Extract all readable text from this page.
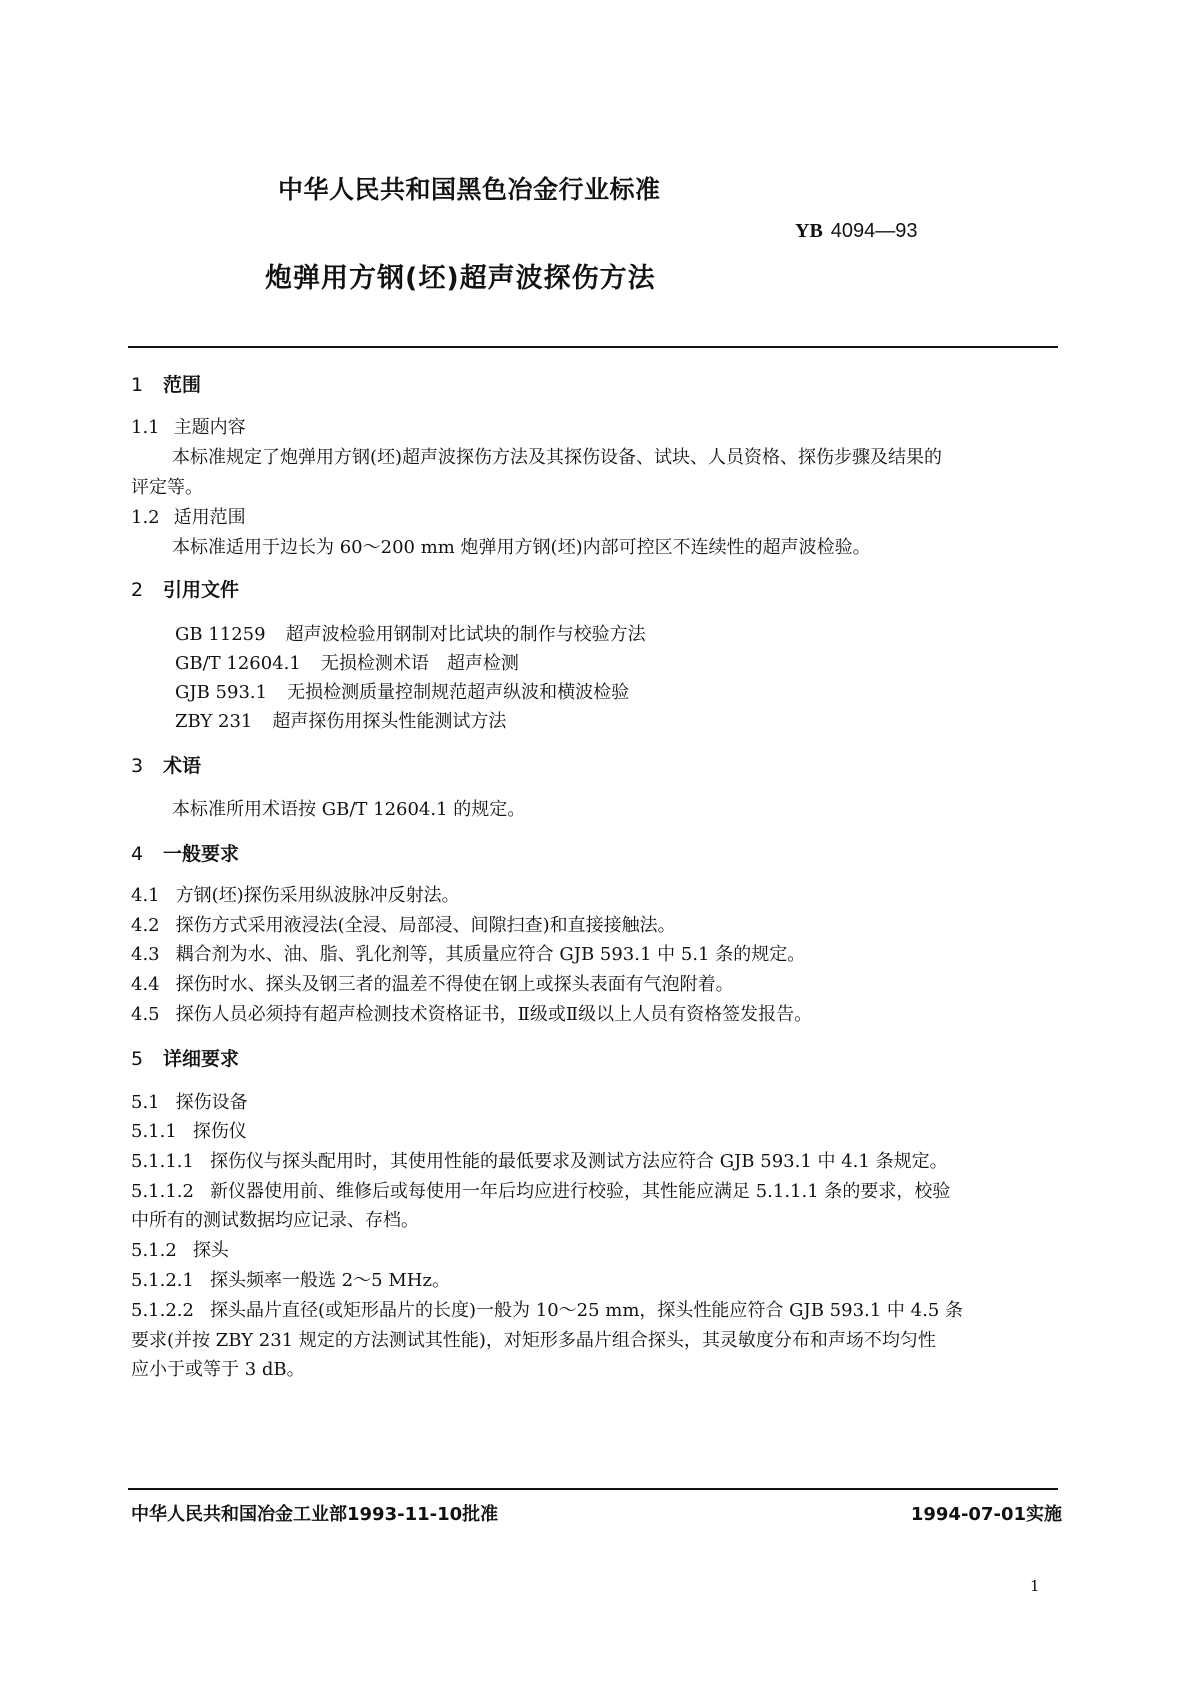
中华人民共和国黑色冶金行业标准
YB 4094—93
炮弹用方钢(坯)超声波探伤方法
1 范围
1.1 主题内容
本标准规定了炮弹用方钢(坯)超声波探伤方法及其探伤设备、试块、人员资格、探伤步骤及结果的
评定等。
1.2 适用范围
本标准适用于边长为 60～200 mm 炮弹用方钢(坯)内部可控区不连续性的超声波检验。
2 引用文件
GB 11259 超声波检验用钢制对比试块的制作与校验方法
GB/T 12604.1 无损检测术语　超声检测
GJB 593.1 无损检测质量控制规范超声纵波和横波检验
ZBY 231 超声探伤用探头性能测试方法
3 术语
本标准所用术语按 GB/T 12604.1 的规定。
4 一般要求
4.1 方钢(坯)探伤采用纵波脉冲反射法。
4.2 探伤方式采用液浸法(全浸、局部浸、间隙扫查)和直接接触法。
4.3 耦合剂为水、油、脂、乳化剂等，其质量应符合 GJB 593.1 中 5.1 条的规定。
4.4 探伤时水、探头及钢三者的温差不得使在钢上或探头表面有气泡附着。
4.5 探伤人员必须持有超声检测技术资格证书，Ⅱ级或Ⅱ级以上人员有资格签发报告。
5 详细要求
5.1 探伤设备
5.1.1 探伤仪
5.1.1.1 探伤仪与探头配用时，其使用性能的最低要求及测试方法应符合 GJB 593.1 中 4.1 条规定。
5.1.1.2 新仪器使用前、维修后或每使用一年后均应进行校验，其性能应满足 5.1.1.1 条的要求，校验
中所有的测试数据均应记录、存档。
5.1.2 探头
5.1.2.1 探头频率一般选 2～5 MHz。
5.1.2.2 探头晶片直径(或矩形晶片的长度)一般为 10～25 mm，探头性能应符合 GJB 593.1 中 4.5 条
要求(并按 ZBY 231 规定的方法测试其性能)，对矩形多晶片组合探头，其灵敏度分布和声场不均匀性
应小于或等于 3 dB。
中华人民共和国冶金工业部1993-11-10批准	1994-07-01实施
1
